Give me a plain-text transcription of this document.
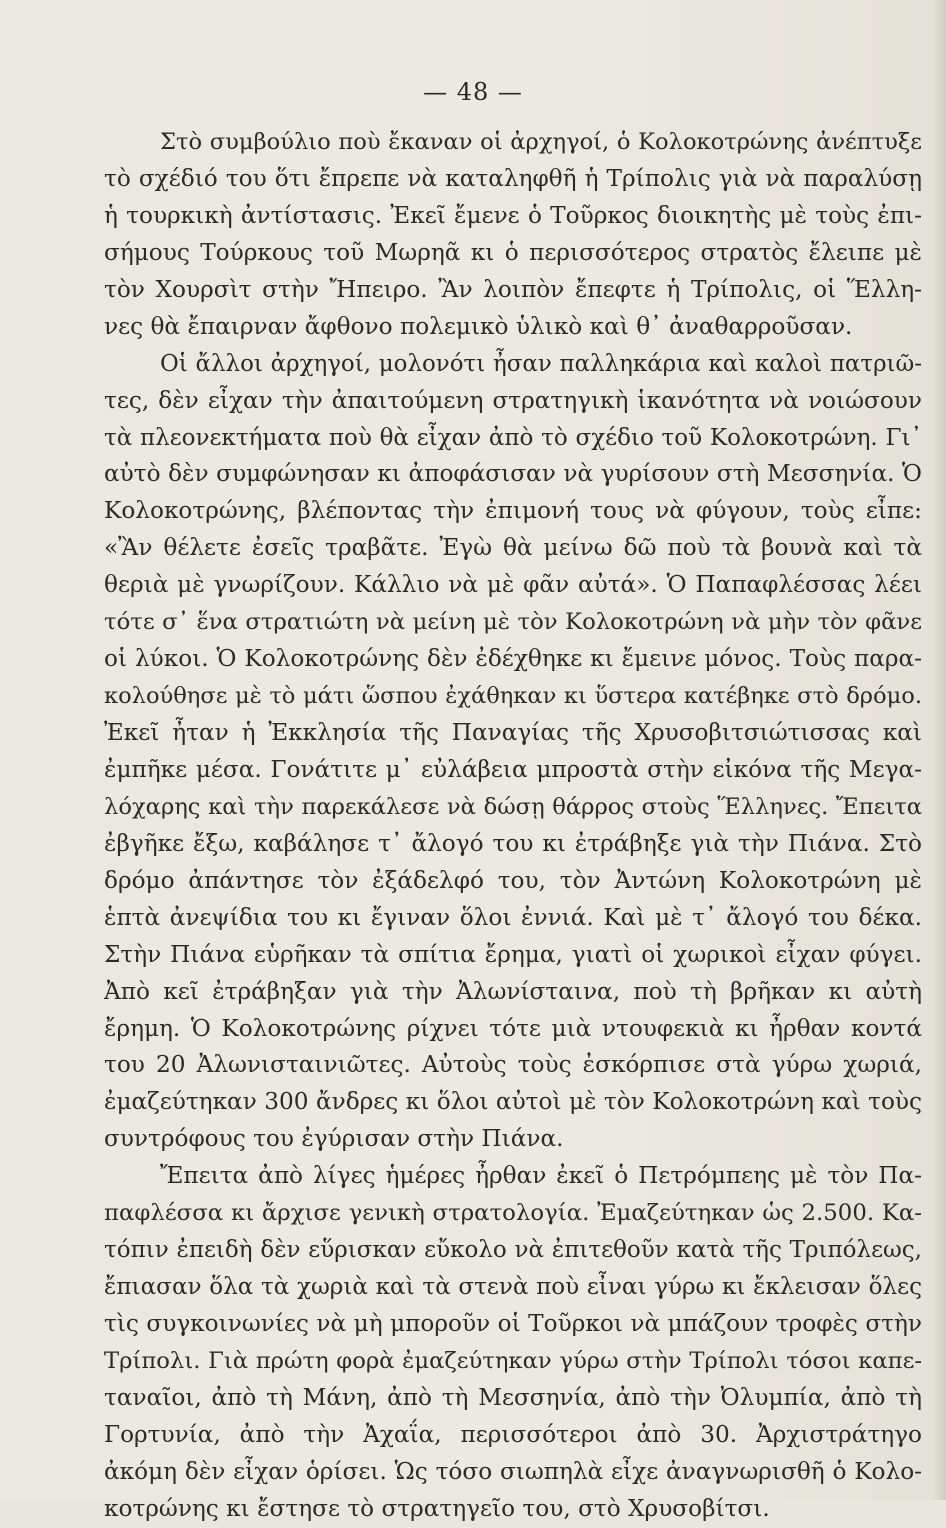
— 48 —
Στὸ συμβούλιο ποὺ ἔκαναν οἱ ἀρχηγοί, ὁ Κολοκοτρώνης ἀνέπτυξε
τὸ σχέδιό του ὅτι ἔπρεπε νὰ καταληφθῆ ἡ Τρίπολις γιὰ νὰ παραλύσῃ
ἡ τουρκικὴ ἀντίστασις. Ἐκεῖ ἔμενε ὁ Τοῦρκος διοικητὴς μὲ τοὺς ἐπι-
σήμους Τούρκους τοῦ Μωρηᾶ κι ὁ περισσότερος στρατὸς ἔλειπε μὲ
τὸν Χουρσὶτ στὴν Ἤπειρο. Ἂν λοιπὸν ἔπεφτε ἡ Τρίπολις, οἱ Ἕλλη-
νες θὰ ἔπαιρναν ἄφθονο πολεμικὸ ὑλικὸ καὶ θ᾽ ἀναθαρροῦσαν.
Οἱ ἄλλοι ἀρχηγοί, μολονότι ἦσαν παλληκάρια καὶ καλοὶ πατριῶ-
τες, δὲν εἶχαν τὴν ἀπαιτούμενη στρατηγικὴ ἱκανότητα νὰ νοιώσουν
τὰ πλεονεκτήματα ποὺ θὰ εἶχαν ἀπὸ τὸ σχέδιο τοῦ Κολοκοτρώνη. Γι᾽
αὐτὸ δὲν συμφώνησαν κι ἀποφάσισαν νὰ γυρίσουν στὴ Μεσσηνία. Ὁ
Κολοκοτρώνης, βλέποντας τὴν ἐπιμονή τους νὰ φύγουν, τοὺς εἶπε:
«Ἂν θέλετε ἐσεῖς τραβᾶτε. Ἐγὼ θὰ μείνω δῶ ποὺ τὰ βουνὰ καὶ τὰ
θεριὰ μὲ γνωρίζουν. Κάλλιο νὰ μὲ φᾶν αὐτά». Ὁ Παπαφλέσσας λέει
τότε σ᾽ ἕνα στρατιώτη νὰ μείνη μὲ τὸν Κολοκοτρώνη νὰ μὴν τὸν φᾶνε
οἱ λύκοι. Ὁ Κολοκοτρώνης δὲν ἐδέχθηκε κι ἔμεινε μόνος. Τοὺς παρα-
κολούθησε μὲ τὸ μάτι ὥσπου ἐχάθηκαν κι ὕστερα κατέβηκε στὸ δρόμο.
Ἐκεῖ ἦταν ἡ Ἐκκλησία τῆς Παναγίας τῆς Χρυσοβιτσιώτισσας καὶ
ἐμπῆκε μέσα. Γονάτιτε μ᾽ εὐλάβεια μπροστὰ στὴν εἰκόνα τῆς Μεγα-
λόχαρης καὶ τὴν παρεκάλεσε νὰ δώσῃ θάρρος στοὺς Ἕλληνες. Ἔπειτα
ἐβγῆκε ἔξω, καβάλησε τ᾽ ἄλογό του κι ἐτράβηξε γιὰ τὴν Πιάνα. Στὸ
δρόμο ἀπάντησε τὸν ἐξάδελφό του, τὸν Ἀντώνη Κολοκοτρώνη μὲ
ἑπτὰ ἀνεψίδια του κι ἔγιναν ὅλοι ἐννιά. Καὶ μὲ τ᾽ ἄλογό του δέκα.
Στὴν Πιάνα εὑρῆκαν τὰ σπίτια ἔρημα, γιατὶ οἱ χωρικοὶ εἶχαν φύγει.
Ἀπὸ κεῖ ἐτράβηξαν γιὰ τὴν Ἀλωνίσταινα, ποὺ τὴ βρῆκαν κι αὐτὴ
ἔρημη. Ὁ Κολοκοτρώνης ρίχνει τότε μιὰ ντουφεκιὰ κι ἦρθαν κοντά
του 20 Ἀλωνισταινιῶτες. Αὐτοὺς τοὺς ἐσκόρπισε στὰ γύρω χωριά,
ἐμαζεύτηκαν 300 ἄνδρες κι ὅλοι αὐτοὶ μὲ τὸν Κολοκοτρώνη καὶ τοὺς
συντρόφους του ἐγύρισαν στὴν Πιάνα.
Ἔπειτα ἀπὸ λίγες ἡμέρες ἦρθαν ἐκεῖ ὁ Πετρόμπεης μὲ τὸν Πα-
παφλέσσα κι ἄρχισε γενικὴ στρατολογία. Ἐμαζεύτηκαν ὡς 2.500. Κα-
τόπιν ἐπειδὴ δὲν εὕρισκαν εὔκολο νὰ ἐπιτεθοῦν κατὰ τῆς Τριπόλεως,
ἔπιασαν ὅλα τὰ χωριὰ καὶ τὰ στενὰ ποὺ εἶναι γύρω κι ἔκλεισαν ὅλες
τὶς συγκοινωνίες νὰ μὴ μποροῦν οἱ Τοῦρκοι νὰ μπάζουν τροφὲς στὴν
Τρίπολι. Γιὰ πρώτη φορὰ ἐμαζεύτηκαν γύρω στὴν Τρίπολι τόσοι καπε-
ταναῖοι, ἀπὸ τὴ Μάνη, ἀπὸ τὴ Μεσσηνία, ἀπὸ τὴν Ὀλυμπία, ἀπὸ τὴ
Γορτυνία, ἀπὸ τὴν Ἀχαΐα, περισσότεροι ἀπὸ 30. Ἀρχιστράτηγο
ἀκόμη δὲν εἶχαν ὁρίσει. Ὡς τόσο σιωπηλὰ εἶχε ἀναγνωρισθῆ ὁ Κολο-
κοτρώνης κι ἔστησε τὸ στρατηγεῖο του, στὸ Χρυσοβίτσι.
